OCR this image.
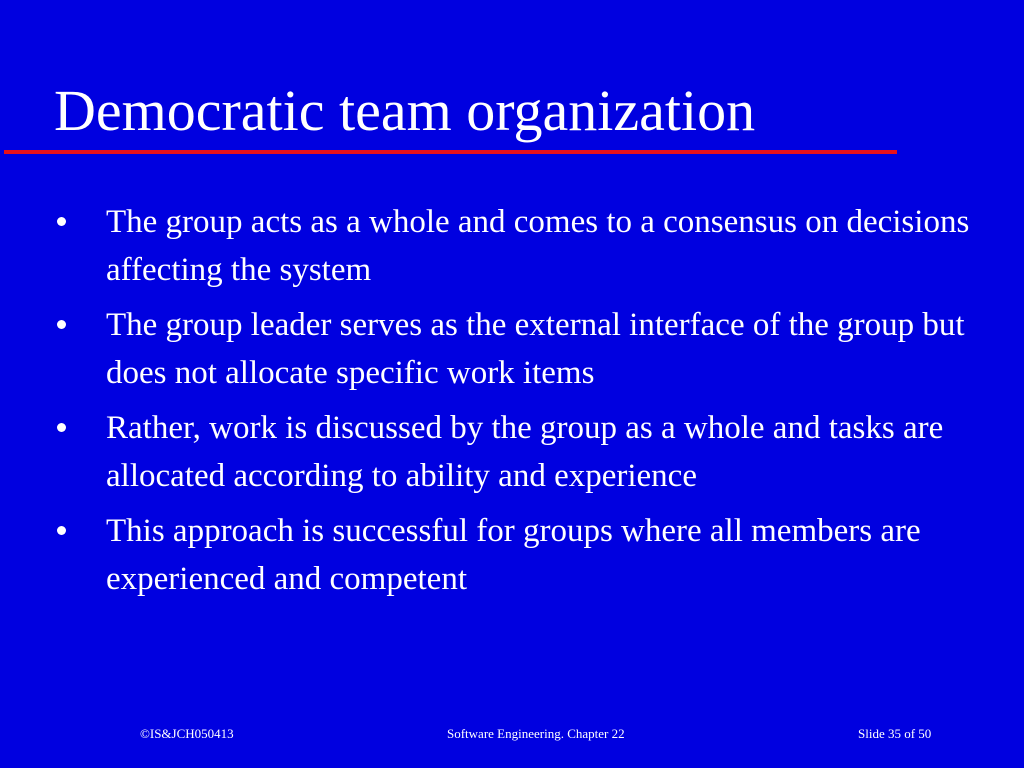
Democratic team organization
The group acts as a whole and comes to a consensus on decisions affecting the system
The group leader serves as the external interface of the group but does not allocate specific work items
Rather, work is discussed by the group as a whole and tasks are allocated according to ability and experience
This approach is successful for groups where all members are experienced and competent
©IS&JCH050413	Software Engineering. Chapter 22	Slide 35 of 50
